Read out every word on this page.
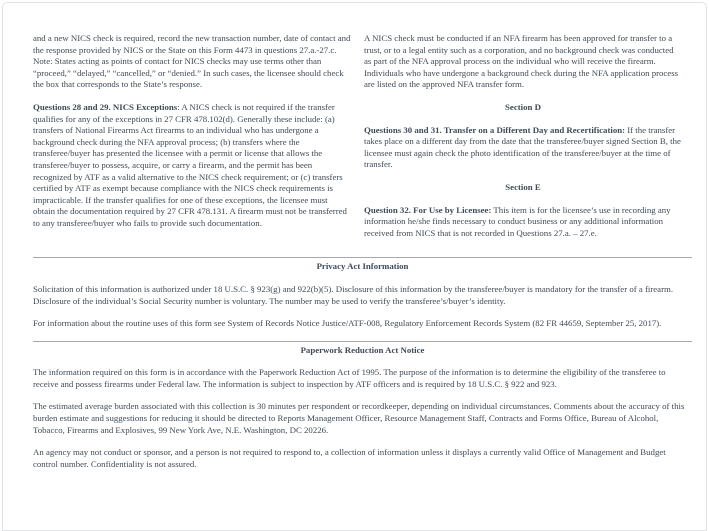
and a new NICS check is required, record the new transaction number, date of contact and the response provided by NICS or the State on this Form 4473 in questions 27.a.-27.c. Note: States acting as points of contact for NICS checks may use terms other than “proceed,” “delayed,” “cancelled,” or “denied.” In such cases, the licensee should check the box that corresponds to the State’s response.

Questions 28 and 29. NICS Exceptions: A NICS check is not required if the transfer qualifies for any of the exceptions in 27 CFR 478.102(d). Generally these include: (a) transfers of National Firearms Act firearms to an individual who has undergone a background check during the NFA approval process; (b) transfers where the transferee/buyer has presented the licensee with a permit or license that allows the transferee/buyer to possess, acquire, or carry a firearm, and the permit has been recognized by ATF as a valid alternative to the NICS check requirement; or (c) transfers certified by ATF as exempt because compliance with the NICS check requirements is impracticable. If the transfer qualifies for one of these exceptions, the licensee must obtain the documentation required by 27 CFR 478.131. A firearm must not be transferred to any transferee/buyer who fails to provide such documentation.

A NICS check must be conducted if an NFA firearm has been approved for transfer to a trust, or to a legal entity such as a corporation, and no background check was conducted as part of the NFA approval process on the individual who will receive the firearm. Individuals who have undergone a background check during the NFA application process are listed on the approved NFA transfer form.

Section D

Questions 30 and 31. Transfer on a Different Day and Recertification: If the transfer takes place on a different day from the date that the transferee/buyer signed Section B, the licensee must again check the photo identification of the transferee/buyer at the time of transfer.

Section E

Question 32. For Use by Licensee: This item is for the licensee’s use in recording any information he/she finds necessary to conduct business or any additional information received from NICS that is not recorded in Questions 27.a. – 27.e.

Privacy Act Information

Solicitation of this information is authorized under 18 U.S.C. § 923(g) and 922(b)(5). Disclosure of this information by the transferee/buyer is mandatory for the transfer of a firearm. Disclosure of the individual’s Social Security number is voluntary. The number may be used to verify the transferee’s/buyer’s identity.

For information about the routine uses of this form see System of Records Notice Justice/ATF-008, Regulatory Enforcement Records System (82 FR 44659, September 25, 2017).

Paperwork Reduction Act Notice

The information required on this form is in accordance with the Paperwork Reduction Act of 1995. The purpose of the information is to determine the eligibility of the transferee to receive and possess firearms under Federal law. The information is subject to inspection by ATF officers and is required by 18 U.S.C. § 922 and 923.

The estimated average burden associated with this collection is 30 minutes per respondent or recordkeeper, depending on individual circumstances. Comments about the accuracy of this burden estimate and suggestions for reducing it should be directed to Reports Management Officer, Resource Management Staff, Contracts and Forms Office, Bureau of Alcohol, Tobacco, Firearms and Explosives, 99 New York Ave, N.E. Washington, DC 20226.

An agency may not conduct or sponsor, and a person is not required to respond to, a collection of information unless it displays a currently valid Office of Management and Budget control number. Confidentiality is not assured.
